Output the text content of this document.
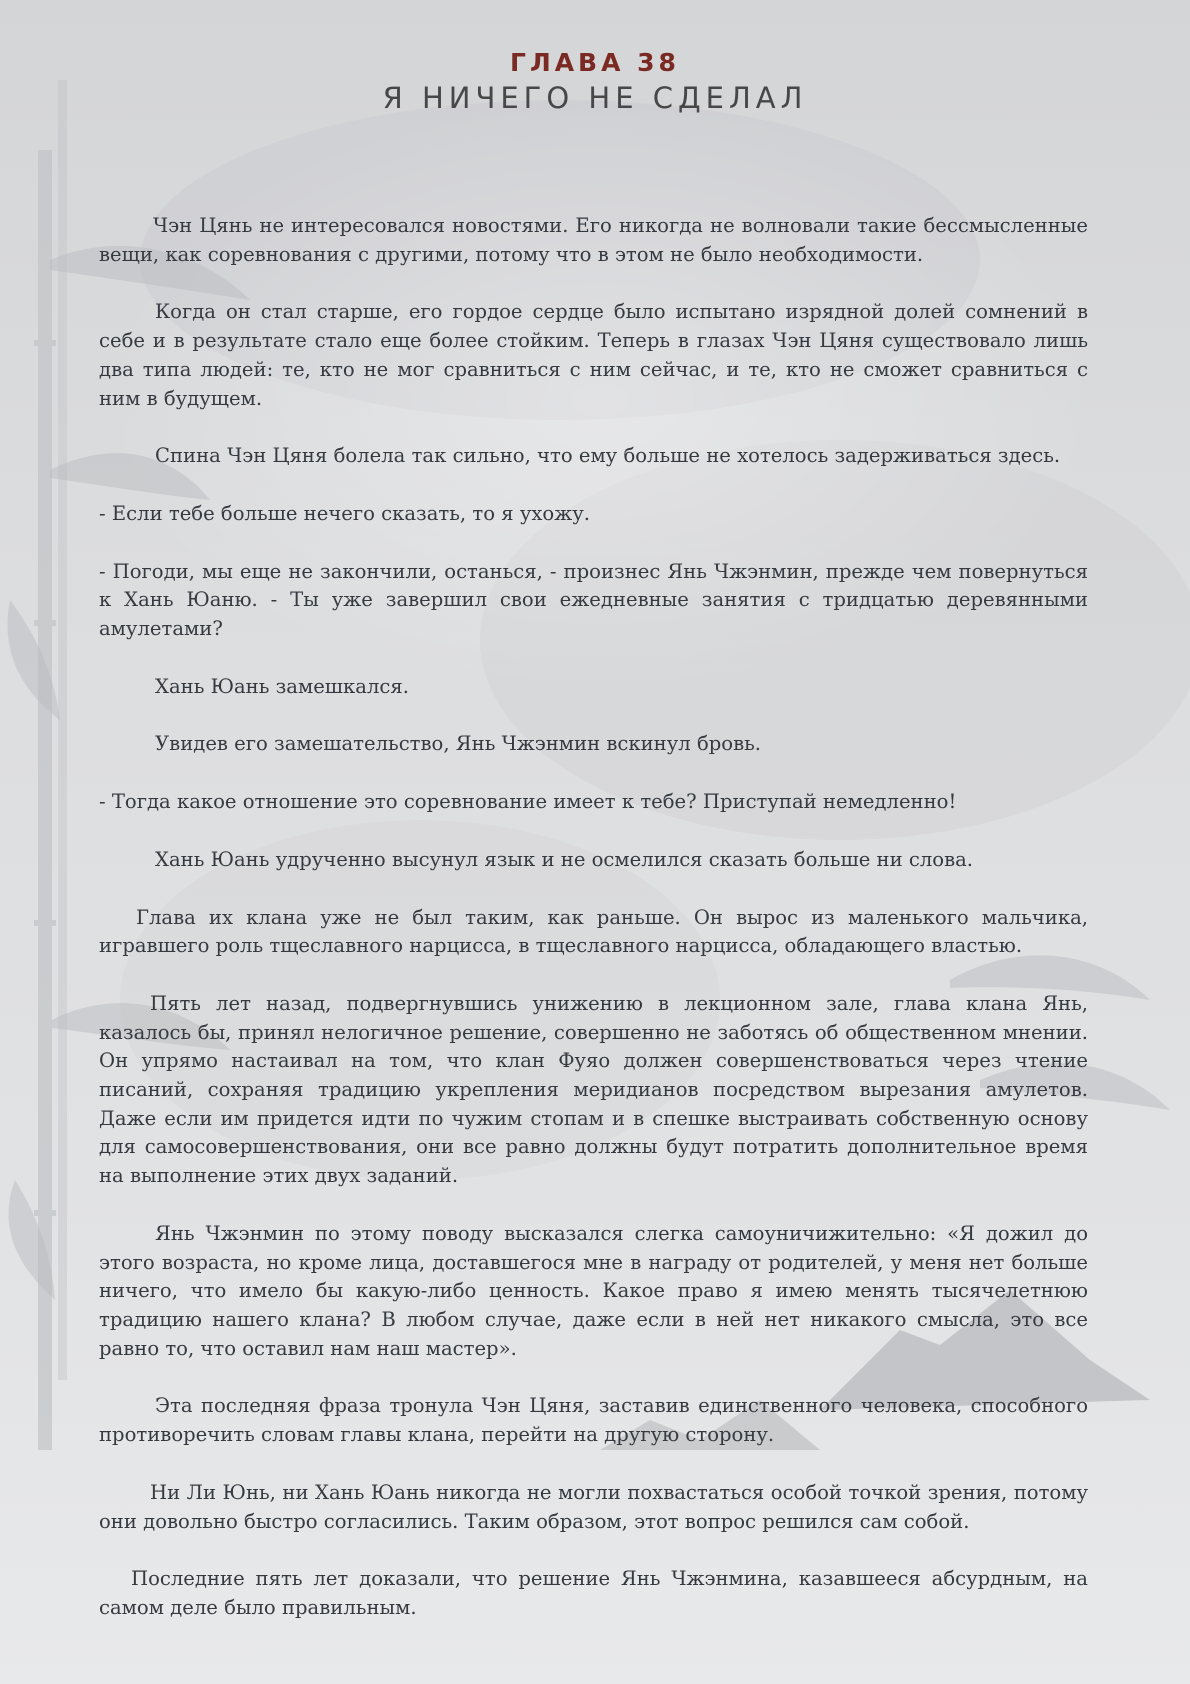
ГЛАВА 38
Я НИЧЕГО НЕ СДЕЛАЛ

Чэн Цянь не интересовался новостями. Его никогда не волновали такие бессмысленные вещи, как соревнования с другими, потому что в этом не было необходимости.

Когда он стал старше, его гордое сердце было испытано изрядной долей сомнений в себе и в результате стало еще более стойким. Теперь в глазах Чэн Цяня существовало лишь два типа людей: те, кто не мог сравниться с ним сейчас, и те, кто не сможет сравниться с ним в будущем.

Спина Чэн Цяня болела так сильно, что ему больше не хотелось задерживаться здесь.

- Если тебе больше нечего сказать, то я ухожу.

- Погоди, мы еще не закончили, останься, - произнес Янь Чжэнмин, прежде чем повернуться к Хань Юаню. - Ты уже завершил свои ежедневные занятия с тридцатью деревянными амулетами?

Хань Юань замешкался.

Увидев его замешательство, Янь Чжэнмин вскинул бровь.

- Тогда какое отношение это соревнование имеет к тебе? Приступай немедленно!

Хань Юань удрученно высунул язык и не осмелился сказать больше ни слова.

Глава их клана уже не был таким, как раньше. Он вырос из маленького мальчика, игравшего роль тщеславного нарцисса, в тщеславного нарцисса, обладающего властью.

Пять лет назад, подвергнувшись унижению в лекционном зале, глава клана Янь, казалось бы, принял нелогичное решение, совершенно не заботясь об общественном мнении. Он упрямо настаивал на том, что клан Фуяо должен совершенствоваться через чтение писаний, сохраняя традицию укрепления меридианов посредством вырезания амулетов. Даже если им придется идти по чужим стопам и в спешке выстраивать собственную основу для самосовершенствования, они все равно должны будут потратить дополнительное время на выполнение этих двух заданий.

Янь Чжэнмин по этому поводу высказался слегка самоуничижительно: «Я дожил до этого возраста, но кроме лица, доставшегося мне в награду от родителей, у меня нет больше ничего, что имело бы какую-либо ценность. Какое право я имею менять тысячелетнюю традицию нашего клана? В любом случае, даже если в ней нет никакого смысла, это все равно то, что оставил нам наш мастер».

Эта последняя фраза тронула Чэн Цяня, заставив единственного человека, способного противоречить словам главы клана, перейти на другую сторону.

Ни Ли Юнь, ни Хань Юань никогда не могли похвастаться особой точкой зрения, потому они довольно быстро согласились. Таким образом, этот вопрос решился сам собой.

Последние пять лет доказали, что решение Янь Чжэнмина, казавшееся абсурдным, на самом деле было правильным.
